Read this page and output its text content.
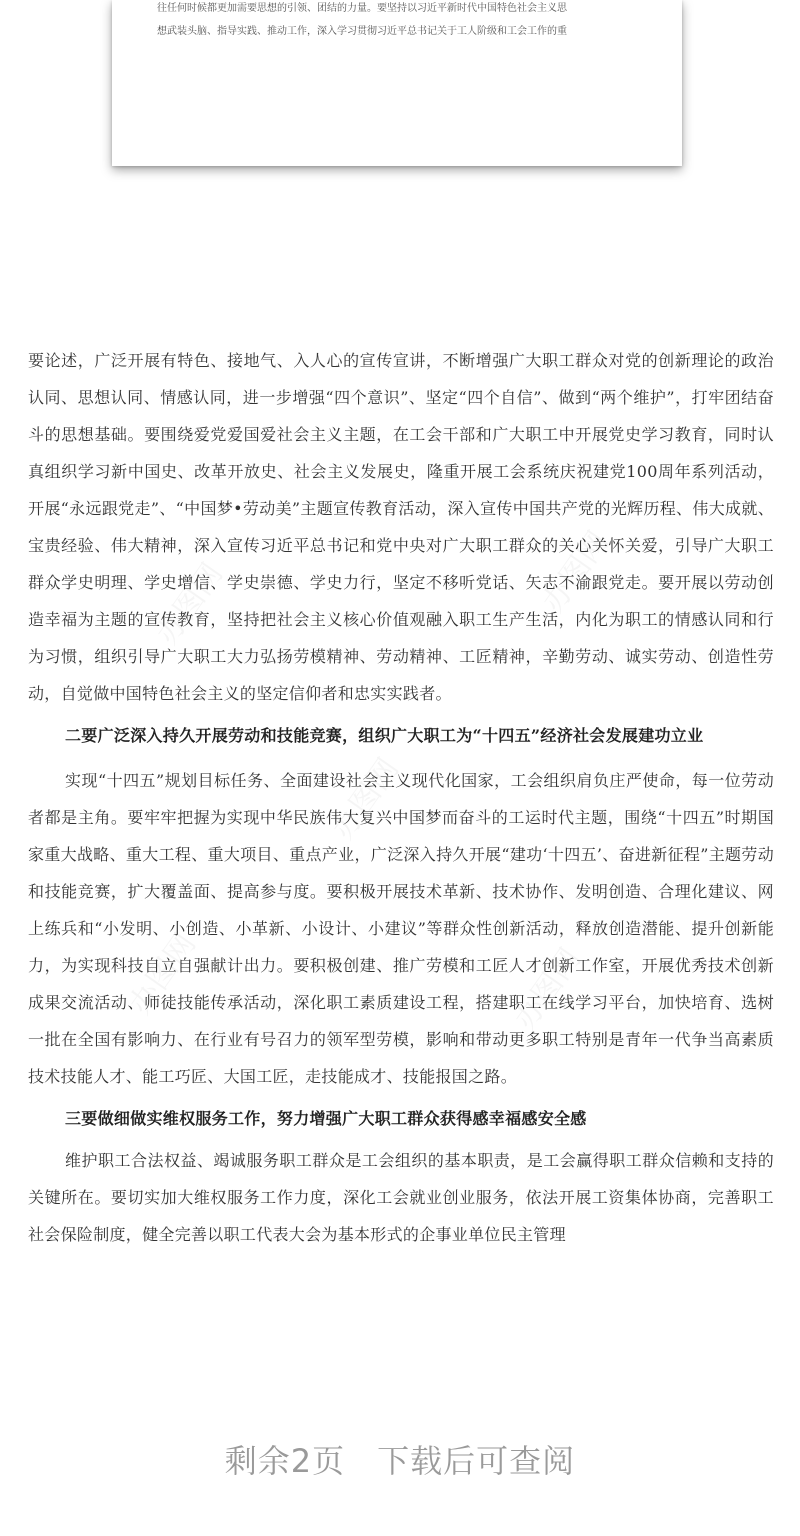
往任何时候都更加需要思想的引领、团结的力量。要坚持以习近平新时代中国特色社会主义思

想武装头脑、指导实践、推动工作，深入学习贯彻习近平总书记关于工人阶级和工会工作的重

办图网	办图网
办图网
办图网	办图网

要论述，广泛开展有特色、接地气、入人心的宣传宣讲，不断增强广大职工群众对党的创新理论的政治认同、思想认同、情感认同，进一步增强“四个意识”、坚定“四个自信”、做到“两个维护”，打牢团结奋斗的思想基础。要围绕爱党爱国爱社会主义主题，在工会干部和广大职工中开展党史学习教育，同时认真组织学习新中国史、改革开放史、社会主义发展史，隆重开展工会系统庆祝建党100周年系列活动，开展“永远跟党走”、“中国梦•劳动美”主题宣传教育活动，深入宣传中国共产党的光辉历程、伟大成就、宝贵经验、伟大精神，深入宣传习近平总书记和党中央对广大职工群众的关心关怀关爱，引导广大职工群众学史明理、学史增信、学史崇德、学史力行，坚定不移听党话、矢志不渝跟党走。要开展以劳动创造幸福为主题的宣传教育，坚持把社会主义核心价值观融入职工生产生活，内化为职工的情感认同和行为习惯，组织引导广大职工大力弘扬劳模精神、劳动精神、工匠精神，辛勤劳动、诚实劳动、创造性劳动，自觉做中国特色社会主义的坚定信仰者和忠实实践者。

二要广泛深入持久开展劳动和技能竞赛，组织广大职工为“十四五”经济社会发展建功立业

实现“十四五”规划目标任务、全面建设社会主义现代化国家，工会组织肩负庄严使命，每一位劳动者都是主角。要牢牢把握为实现中华民族伟大复兴中国梦而奋斗的工运时代主题，围绕“十四五”时期国家重大战略、重大工程、重大项目、重点产业，广泛深入持久开展“建功‘十四五’、奋进新征程”主题劳动和技能竞赛，扩大覆盖面、提高参与度。要积极开展技术革新、技术协作、发明创造、合理化建议、网上练兵和“小发明、小创造、小革新、小设计、小建议”等群众性创新活动，释放创造潜能、提升创新能力，为实现科技自立自强献计出力。要积极创建、推广劳模和工匠人才创新工作室，开展优秀技术创新成果交流活动、师徒技能传承活动，深化职工素质建设工程，搭建职工在线学习平台，加快培育、选树一批在全国有影响力、在行业有号召力的领军型劳模，影响和带动更多职工特别是青年一代争当高素质技术技能人才、能工巧匠、大国工匠，走技能成才、技能报国之路。

三要做细做实维权服务工作，努力增强广大职工群众获得感幸福感安全感

维护职工合法权益、竭诚服务职工群众是工会组织的基本职责，是工会赢得职工群众信赖和支持的关键所在。要切实加大维权服务工作力度，深化工会就业创业服务，依法开展工资集体协商，完善职工社会保险制度，健全完善以职工代表大会为基本形式的企事业单位民主管理

剩余2页 下载后可查阅
